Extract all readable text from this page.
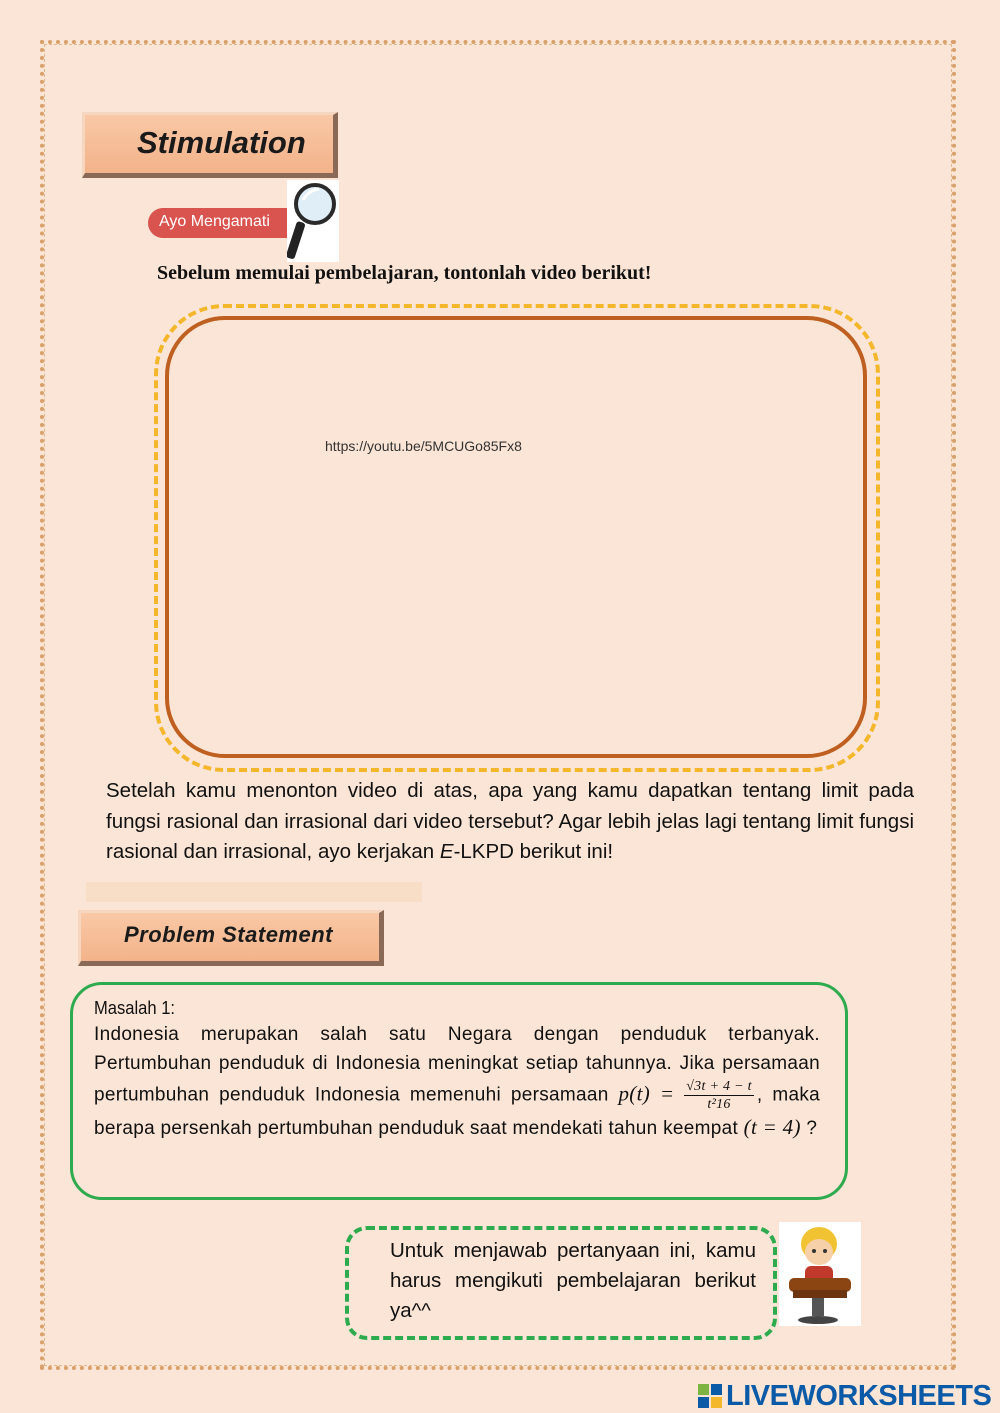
Stimulation
Ayo Mengamati
Sebelum memulai pembelajaran, tontonlah video berikut!
https://youtu.be/5MCUGo85Fx8
Setelah kamu menonton video di atas, apa yang kamu dapatkan tentang limit pada fungsi rasional dan irrasional dari video tersebut? Agar lebih jelas lagi tentang limit fungsi rasional dan irrasional, ayo kerjakan E-LKPD berikut ini!
Problem Statement
Masalah 1:
Indonesia merupakan salah satu Negara dengan penduduk terbanyak. Pertumbuhan penduduk di Indonesia meningkat setiap tahunnya. Jika persamaan pertumbuhan penduduk Indonesia memenuhi persamaan $p(t) = \frac{√3t + 4 - t}{\text{t²16}}$ , maka berapa persenkah pertumbuhan penduduk saat mendekati tahun keempat (t = 4) ?
Untuk menjawab pertanyaan ini, kamu harus mengikuti pembelajaran berikut ya^^
LIVEWORKSHEETS
